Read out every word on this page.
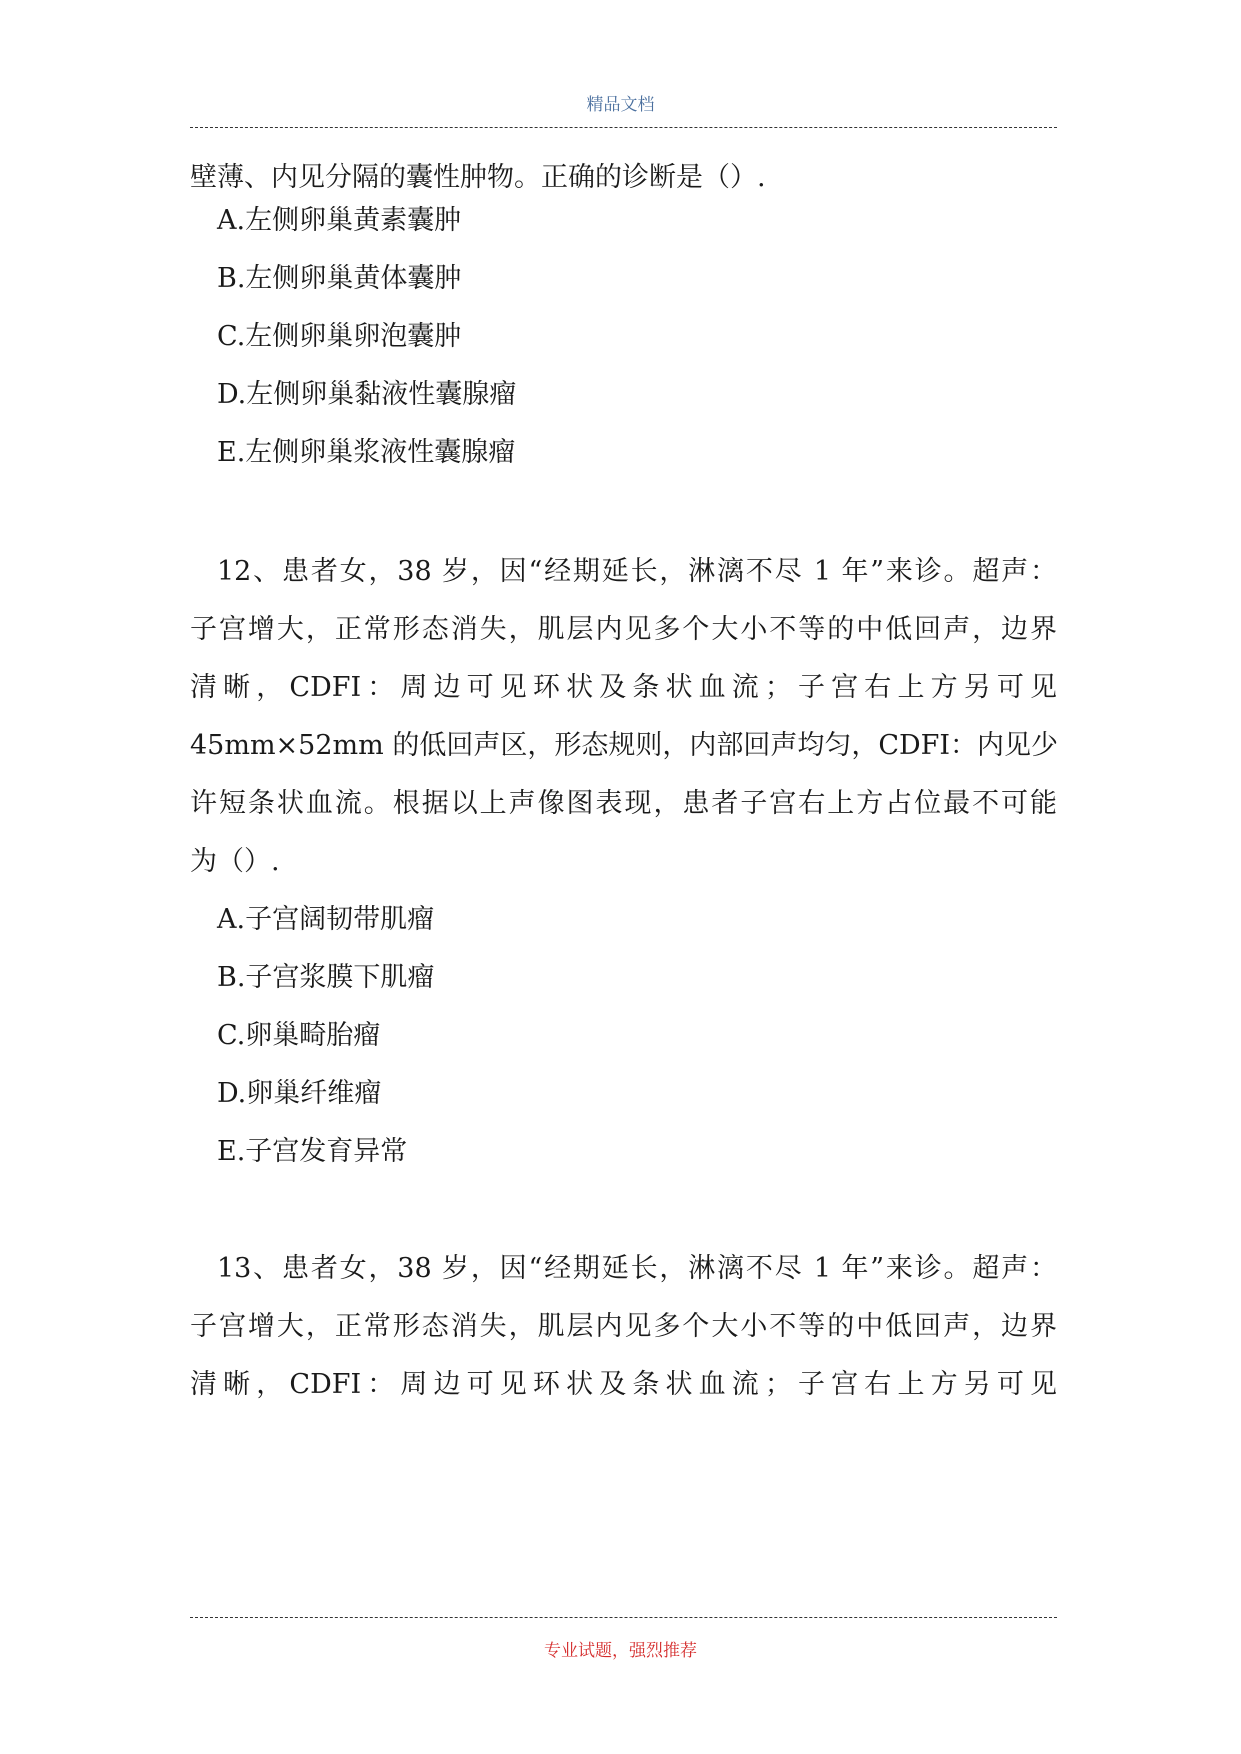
精品文档
壁薄、内见分隔的囊性肿物。正确的诊断是（）.
A.左侧卵巢黄素囊肿
B.左侧卵巢黄体囊肿
C.左侧卵巢卵泡囊肿
D.左侧卵巢黏液性囊腺瘤
E.左侧卵巢浆液性囊腺瘤
12、患者女，38 岁，因“经期延长，淋漓不尽 1 年”来诊。超声：
子宫增大，正常形态消失，肌层内见多个大小不等的中低回声，边界
清晰，CDFI：周边可见环状及条状血流；子宫右上方另可见
45mm×52mm 的低回声区，形态规则，内部回声均匀，CDFI：内见少
许短条状血流。根据以上声像图表现，患者子宫右上方占位最不可能
为（）.
A.子宫阔韧带肌瘤
B.子宫浆膜下肌瘤
C.卵巢畸胎瘤
D.卵巢纤维瘤
E.子宫发育异常
13、患者女，38 岁，因“经期延长，淋漓不尽 1 年”来诊。超声：
子宫增大，正常形态消失，肌层内见多个大小不等的中低回声，边界
清晰，CDFI：周边可见环状及条状血流；子宫右上方另可见
专业试题，强烈推荐
